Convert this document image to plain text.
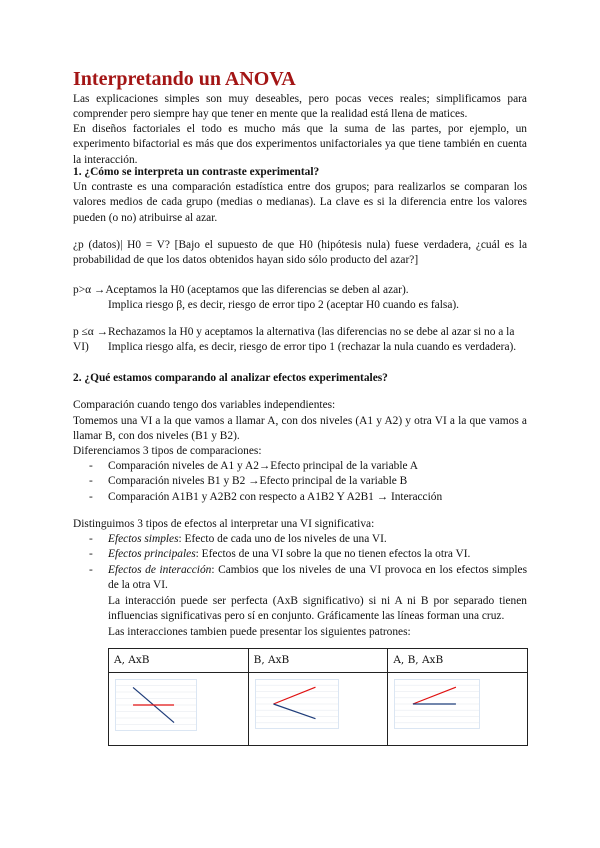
Interpretando un ANOVA
Las explicaciones simples son muy deseables, pero pocas veces reales; simplificamos para comprender pero siempre hay que tener en mente que la realidad está llena de matices.
En diseños factoriales el todo es mucho más que la suma de las partes, por ejemplo, un experimento bifactorial es más que dos experimentos unifactoriales ya que tiene también en cuenta la interacción.
1. ¿Cómo se interpreta un contraste experimental?
Un contraste es una comparación estadística entre dos grupos; para realizarlos se comparan los valores medios de cada grupo (medias o medianas). La clave es si la diferencia entre los valores pueden (o no) atribuirse al azar.
¿p (datos)| H0 = V? [Bajo el supuesto de que H0 (hipótesis nula) fuese verdadera, ¿cuál es la probabilidad de que los datos obtenidos hayan sido sólo producto del azar?]
p>α →Aceptamos la H0 (aceptamos que las diferencias se deben al azar).
Implica riesgo β, es decir, riesgo de error tipo 2 (aceptar H0 cuando es falsa).
p ≤α →Rechazamos la H0 y aceptamos la alternativa (las diferencias no se debe al azar si no a la VI)	Implica riesgo alfa, es decir, riesgo de error tipo 1 (rechazar la nula cuando es verdadera).
2. ¿Qué estamos comparando al analizar efectos experimentales?
Comparación cuando tengo dos variables independientes:
Tomemos una VI a la que vamos a llamar A, con dos niveles (A1 y A2) y otra VI a la que vamos a llamar B, con dos niveles (B1 y B2).
Diferenciamos 3 tipos de comparaciones:
- Comparación niveles de A1 y A2→Efecto principal de la variable A
- Comparación niveles B1 y B2 →Efecto principal de la variable B
- Comparación A1B1 y A2B2 con respecto a A1B2 Y A2B1 → Interacción
Distinguimos 3 tipos de efectos al interpretar una VI significativa:
- Efectos simples: Efecto de cada uno de los niveles de una VI.
- Efectos principales: Efectos de una VI sobre la que no tienen efectos la otra VI.
- Efectos de interacción: Cambios que los niveles de una VI provoca en los efectos simples de la otra VI.
La interacción puede ser perfecta (AxB significativo) si ni A ni B por separado tienen influencias significativas pero sí en conjunto. Gráficamente las líneas forman una cruz.
Las interacciones tambien puede presentar los siguientes patrones:
A, AxB	B, AxB	A, B, AxB
